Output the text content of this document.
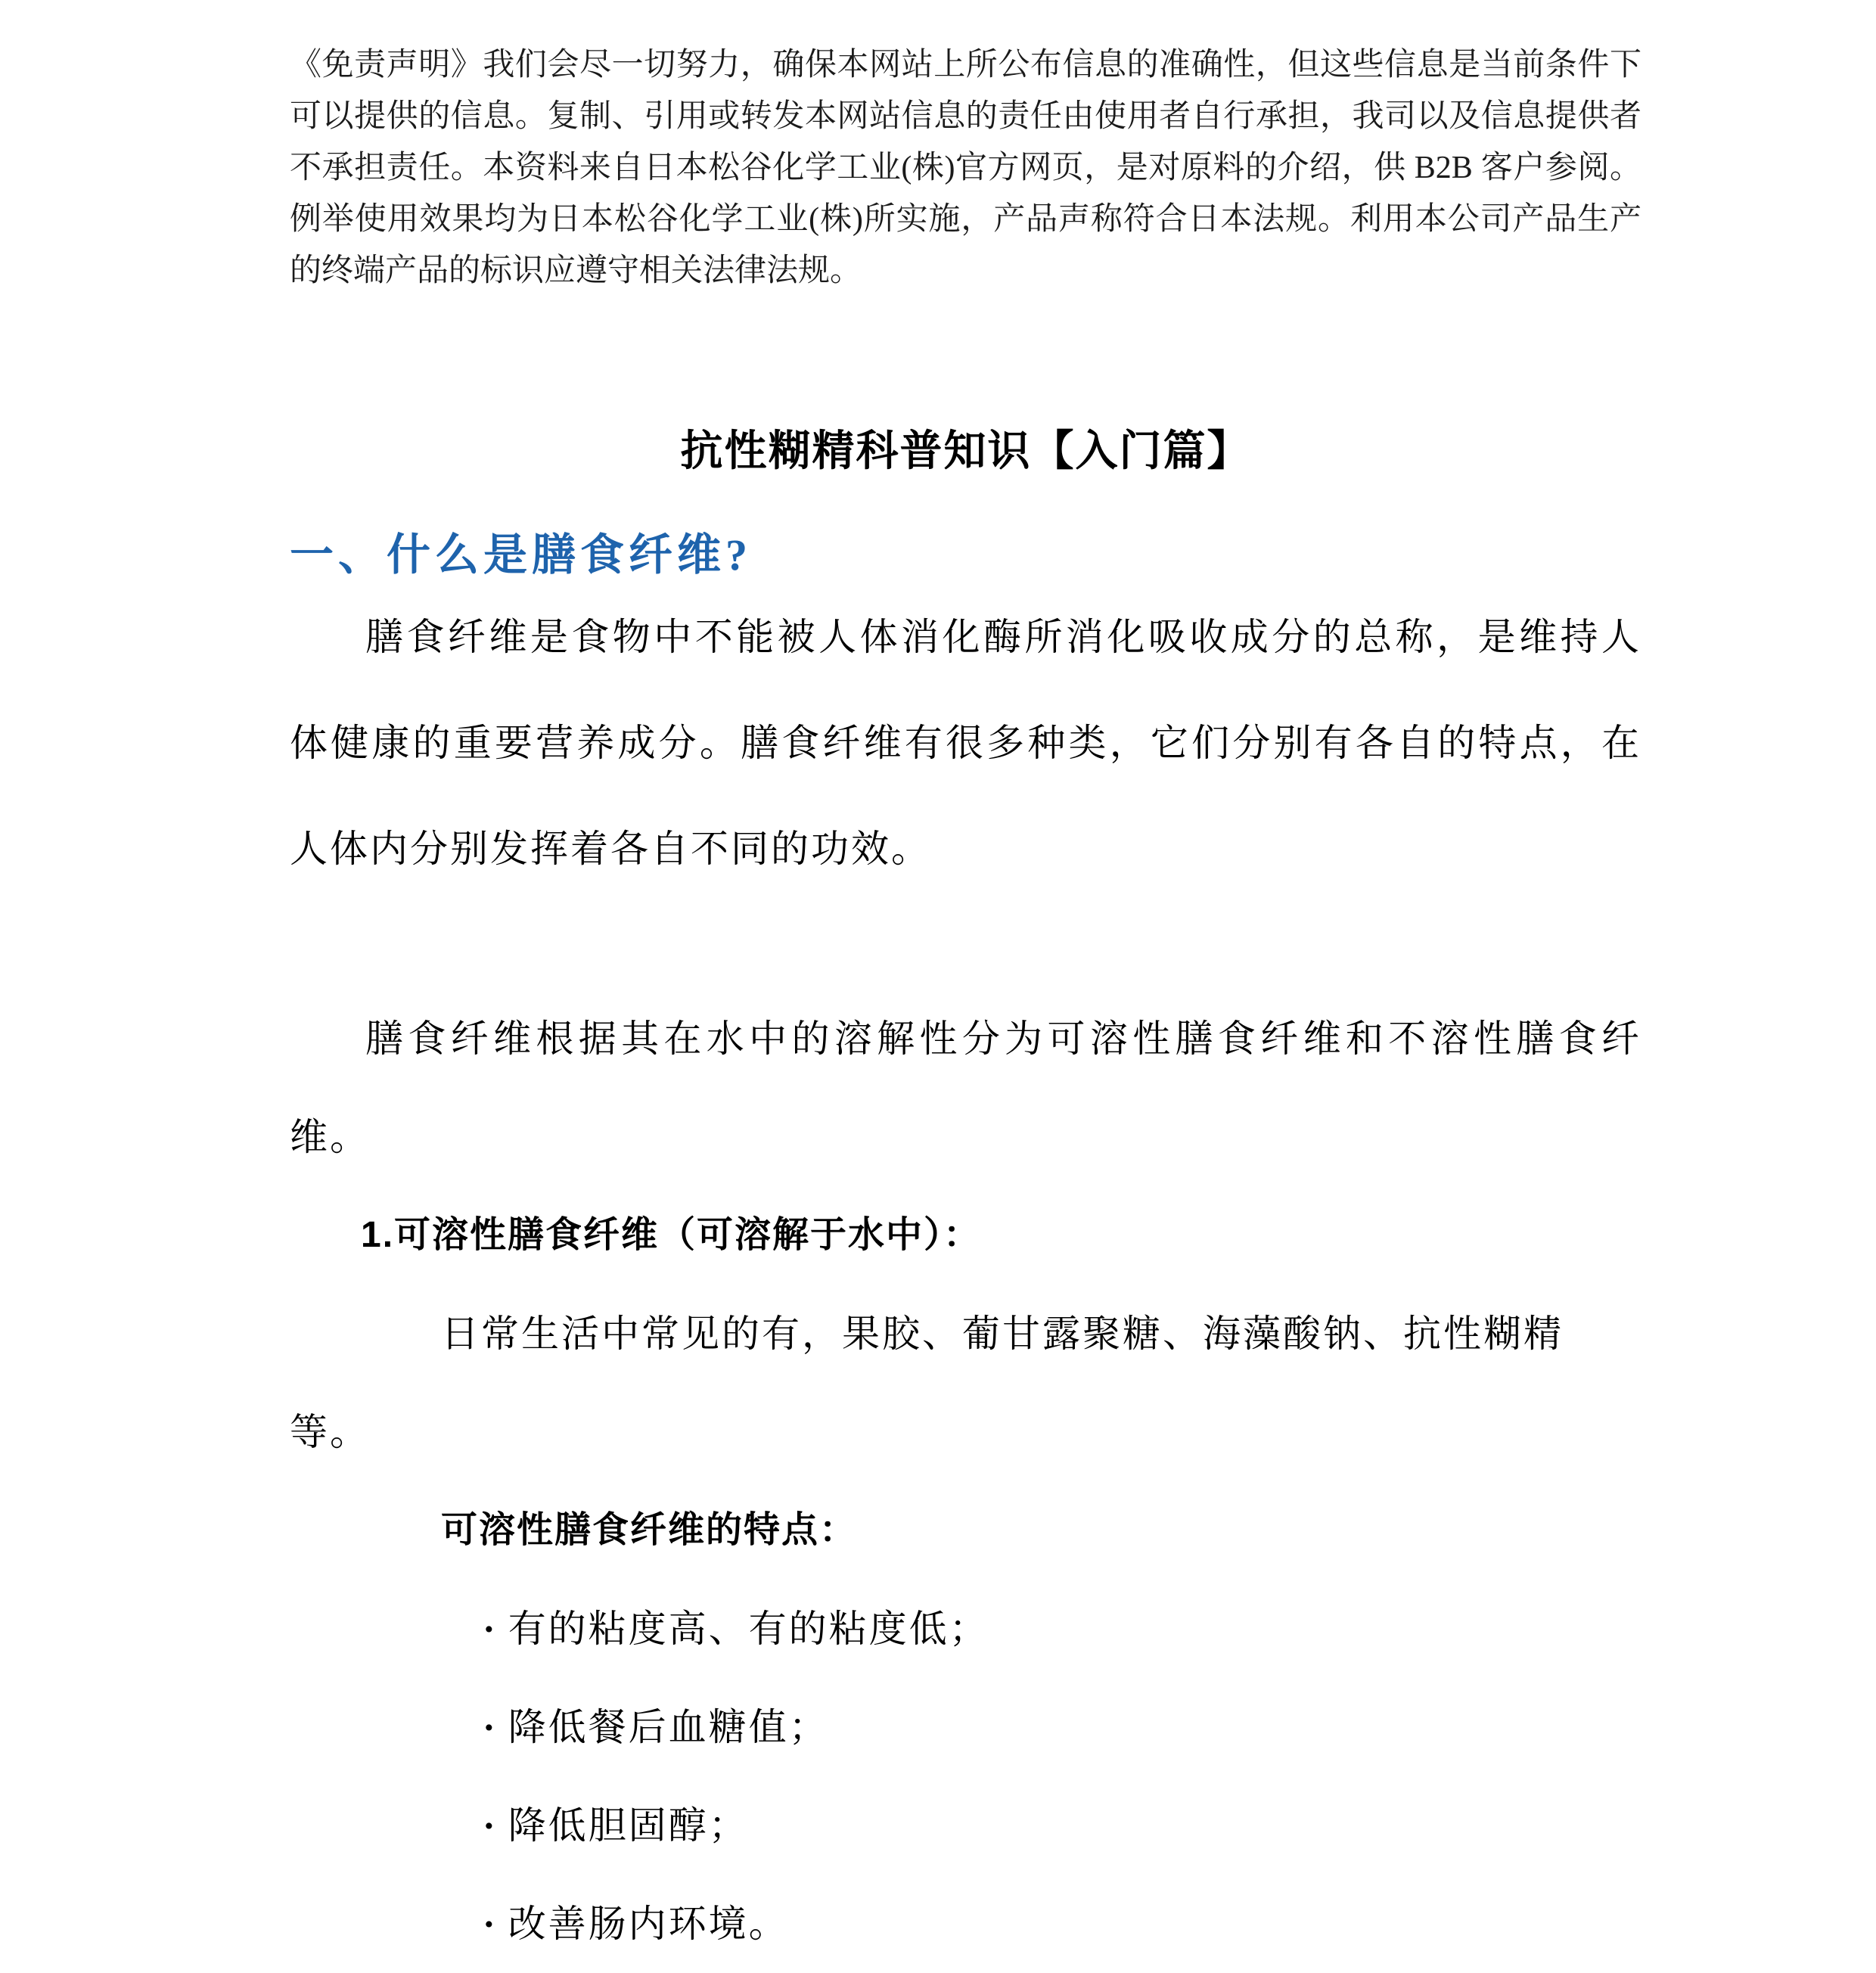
《免责声明》我们会尽一切努力，确保本网站上所公布信息的准确性，但这些信息是当前条件下可以提供的信息。复制、引用或转发本网站信息的责任由使用者自行承担，我司以及信息提供者不承担责任。本资料来自日本松谷化学工业(株)官方网页，是对原料的介绍，供 B2B 客户参阅。例举使用效果均为日本松谷化学工业(株)所实施，产品声称符合日本法规。利用本公司产品生产的终端产品的标识应遵守相关法律法规。

抗性糊精科普知识【入门篇】
一、什么是膳食纤维?

膳食纤维是食物中不能被人体消化酶所消化吸收成分的总称，是维持人体健康的重要营养成分。膳食纤维有很多种类，它们分别有各自的特点，在人体内分别发挥着各自不同的功效。

膳食纤维根据其在水中的溶解性分为可溶性膳食纤维和不溶性膳食纤维。

1.可溶性膳食纤维（可溶解于水中）：

日常生活中常见的有，果胶、葡甘露聚糖、海藻酸钠、抗性糊精等。

可溶性膳食纤维的特点：

· 有的粘度高、有的粘度低；
· 降低餐后血糖值；
· 降低胆固醇；
· 改善肠内环境。
